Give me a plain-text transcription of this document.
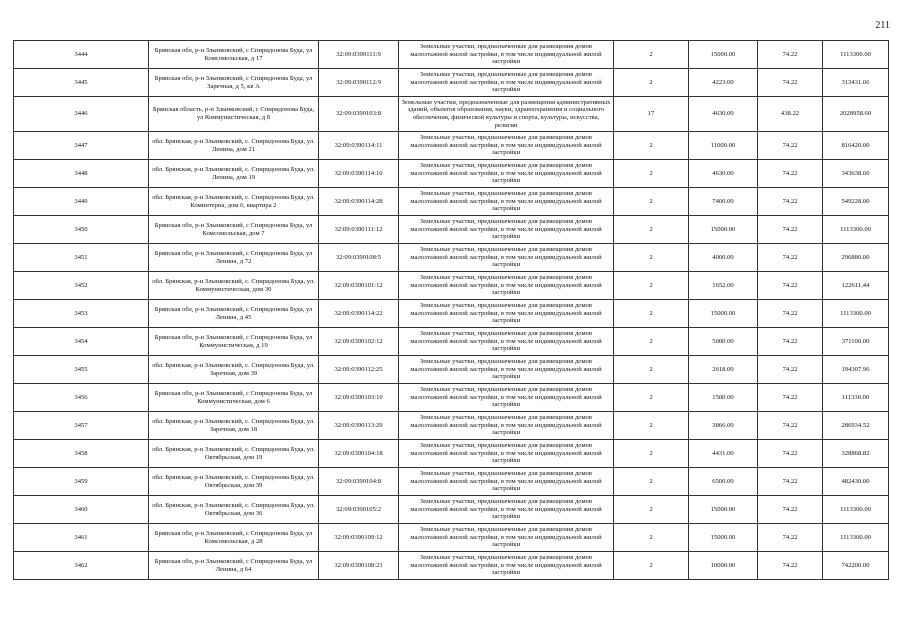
211
3444	Брянская обл, р-н Злынковский, с Спиридонова Буда, ул Комсомольская, д 17	32:09:0390111:9	Земельные участки, предназначенные для размещения домов малоэтажной жилой застройки, в том числе индивидуальной жилой застройки	2	15000.00	74.22	1113300.00
3445	Брянская обл, р-н Злынковский, с Спиридонова Буда, ул Заречная, д 5, кв А	32:09:0390112:9	Земельные участки, предназначенные для размещения домов малоэтажной жилой застройки, в том числе индивидуальной жилой застройки	2	4223.00	74.22	313431.06
3446	Брянская область, р-н Злынковский, с Спиридонова Буда, ул Коммунистическая, д 8	32:09:0390103:8	Земельные участки, предназначенные для размещения административных зданий, объектов образования, науки, здравоохранения и социального обеспечения, физической культуры и спорта, культуры, искусства, религии	17	4630.00	438.22	2028958.60
3447	обл. Брянская, р-н Злынковский, с. Спиридонова Буда, ул. Ленина, дом 21	32:09:0390114:11	Земельные участки, предназначенные для размещения домов малоэтажной жилой застройки, в том числе индивидуальной жилой застройки	2	11000.00	74.22	816420.00
3448	обл. Брянская, р-н Злынковский, с. Спиридонова Буда, ул. Ленина, дом 19	32:09:0390114:10	Земельные участки, предназначенные для размещения домов малоэтажной жилой застройки, в том числе индивидуальной жилой застройки	2	4630.00	74.22	343638.60
3449	обл. Брянская, р-н Злынковский, с. Спиридонова Буда, ул. Коминтерна, дом 6, квартира 2	32:09:0390114:28	Земельные участки, предназначенные для размещения домов малоэтажной жилой застройки, в том числе индивидуальной жилой застройки	2	7400.00	74.22	549228.00
3450	Брянская обл, р-н Злынковский, с Спиридонова Буда, ул Комсомольская, дом 7	32:09:0390111:12	Земельные участки, предназначенные для размещения домов малоэтажной жилой застройки, в том числе индивидуальной жилой застройки	2	15000.00	74.22	1113300.00
3451	Брянская обл, р-н Злынковский, с Спиридонова Буда, ул Ленина, д 72	32:09:0390108:5	Земельные участки, предназначенные для размещения домов малоэтажной жилой застройки, в том числе индивидуальной жилой застройки	2	4000.00	74.22	296880.00
3452	обл. Брянская, р-н Злынковский, с. Спиридонова Буда, ул. Коммунистическая, дом 30	32:09:0390101:12	Земельные участки, предназначенные для размещения домов малоэтажной жилой застройки, в том числе индивидуальной жилой застройки	2	1652.00	74.22	122611.44
3453	Брянская обл, р-н Злынковский, с Спиридонова Буда, ул Ленина, д 45	32:09:0390114:22	Земельные участки, предназначенные для размещения домов малоэтажной жилой застройки, в том числе индивидуальной жилой застройки	2	15000.00	74.22	1113300.00
3454	Брянская обл, р-н Злынковский, с Спиридонова Буда, ул Коммунистическая, д 19	32:09:0390102:12	Земельные участки, предназначенные для размещения домов малоэтажной жилой застройки, в том числе индивидуальной жилой застройки	2	5000.00	74.22	371100.00
3455	обл. Брянская, р-н Злынковский, с. Спиридонова Буда, ул. Заречная, дом 39	32:09:0390112:25	Земельные участки, предназначенные для размещения домов малоэтажной жилой застройки, в том числе индивидуальной жилой застройки	2	2618.00	74.22	194307.96
3456	Брянская обл, р-н Злынковский, с Спиридонова Буда, ул Коммунистическая, дом 6	32:09:0390103:10	Земельные участки, предназначенные для размещения домов малоэтажной жилой застройки, в том числе индивидуальной жилой застройки	2	1500.00	74.22	111330.00
3457	обл. Брянская, р-н Злынковский, с. Спиридонова Буда, ул. Заречная, дом 18	32:09:0390113:29	Земельные участки, предназначенные для размещения домов малоэтажной жилой застройки, в том числе индивидуальной жилой застройки	2	3866.00	74.22	286934.52
3458	обл. Брянская, р-н Злынковский, с. Спиридонова Буда, ул. Октябрьская, дом 19	32:09:0390104:18	Земельные участки, предназначенные для размещения домов малоэтажной жилой застройки, в том числе индивидуальной жилой застройки	2	4431.00	74.22	328868.82
3459	обл. Брянская, р-н Злынковский, с. Спиридонова Буда, ул. Октябрьская, дом 39	32:09:0390104:8	Земельные участки, предназначенные для размещения домов малоэтажной жилой застройки, в том числе индивидуальной жилой застройки	2	6500.00	74.22	482430.00
3460	обл. Брянская, р-н Злынковский, с. Спиридонова Буда, ул. Октябрьская, дом 36	32:09:0390105:2	Земельные участки, предназначенные для размещения домов малоэтажной жилой застройки, в том числе индивидуальной жилой застройки	2	15000.00	74.22	1113300.00
3461	Брянская обл, р-н Злынковский, с Спиридонова Буда, ул Комсомольская, д 28	32:09:0390109:12	Земельные участки, предназначенные для размещения домов малоэтажной жилой застройки, в том числе индивидуальной жилой застройки	2	15000.00	74.22	1113300.00
3462	Брянская обл, р-н Злынковский, с Спиридонова Буда, ул Ленина, д 64	32:09:0390108:21	Земельные участки, предназначенные для размещения домов малоэтажной жилой застройки, в том числе индивидуальной жилой застройки	2	10000.00	74.22	742200.00
